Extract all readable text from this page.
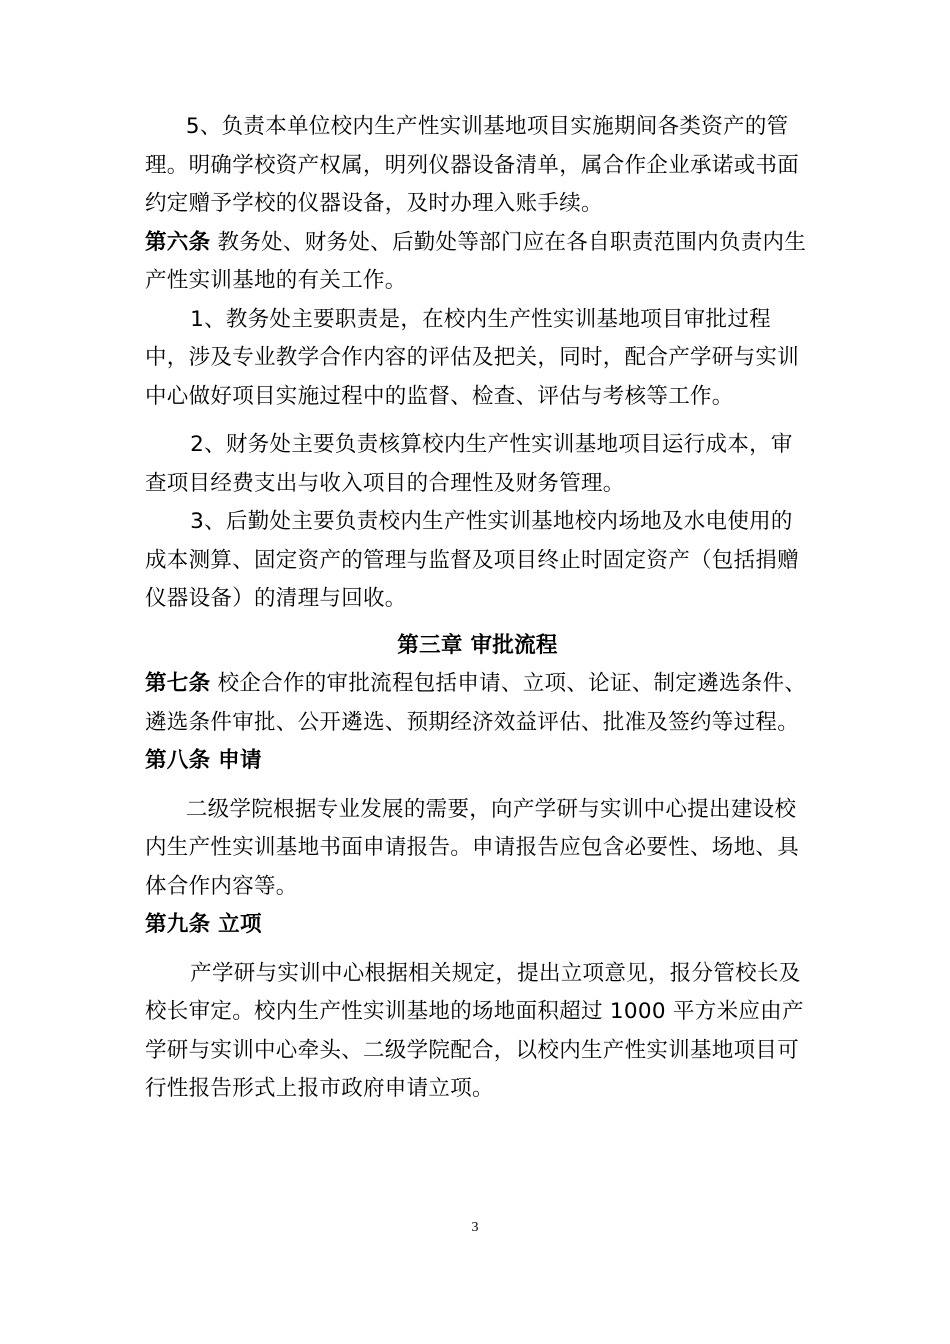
5、负责本单位校内生产性实训基地项目实施期间各类资产的管理。明确学校资产权属，明列仪器设备清单，属合作企业承诺或书面约定赠予学校的仪器设备，及时办理入账手续。

第六条 教务处、财务处、后勤处等部门应在各自职责范围内负责内生产性实训基地的有关工作。

1、教务处主要职责是，在校内生产性实训基地项目审批过程中，涉及专业教学合作内容的评估及把关，同时，配合产学研与实训中心做好项目实施过程中的监督、检查、评估与考核等工作。

2、财务处主要负责核算校内生产性实训基地项目运行成本，审查项目经费支出与收入项目的合理性及财务管理。

3、后勤处主要负责校内生产性实训基地校内场地及水电使用的成本测算、固定资产的管理与监督及项目终止时固定资产（包括捐赠仪器设备）的清理与回收。

第三章 审批流程

第七条 校企合作的审批流程包括申请、立项、论证、制定遴选条件、遴选条件审批、公开遴选、预期经济效益评估、批准及签约等过程。

第八条 申请

二级学院根据专业发展的需要，向产学研与实训中心提出建设校内生产性实训基地书面申请报告。申请报告应包含必要性、场地、具体合作内容等。

第九条 立项

产学研与实训中心根据相关规定，提出立项意见，报分管校长及校长审定。校内生产性实训基地的场地面积超过 1000 平方米应由产学研与实训中心牵头、二级学院配合，以校内生产性实训基地项目可行性报告形式上报市政府申请立项。

3
